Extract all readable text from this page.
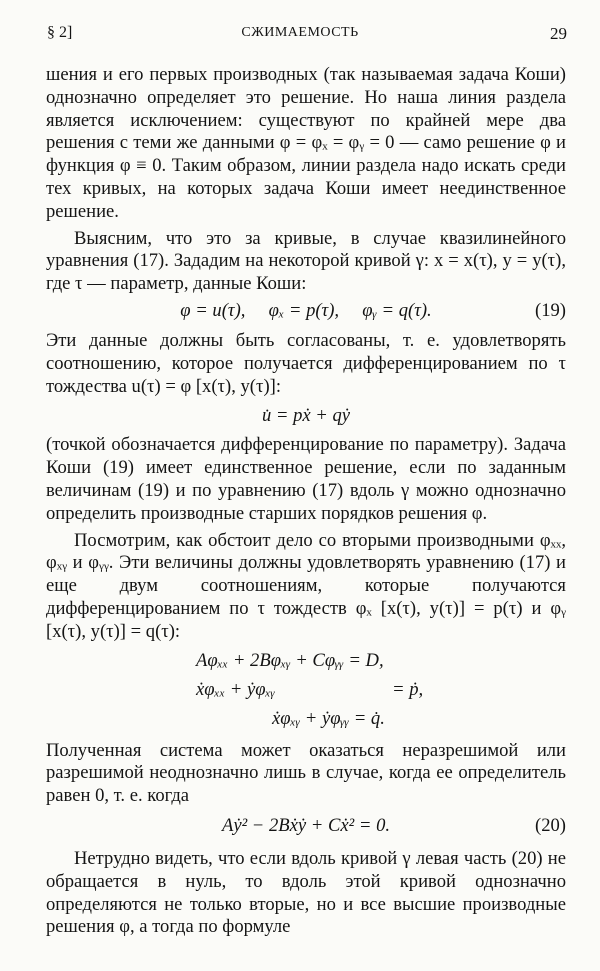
§ 2]	СЖИМАЕМОСТЬ	29

шения и его первых производных (так называемая задача Коши) однозначно определяет это решение. Но наша линия раздела является исключением: существуют по крайней мере два решения с теми же данными φ = φₓ = φᵧ = 0 — само решение φ и функция φ ≡ 0. Таким образом, линии раздела надо искать среди тех кривых, на которых задача Коши имеет неединственное решение.

Выясним, что это за кривые, в случае квазилинейного уравнения (17). Зададим на некоторой кривой γ: x = x(τ), y = y(τ), где τ — параметр, данные Коши:

φ = u(τ),     φₓ = p(τ),     φᵧ = q(τ).	(19)

Эти данные должны быть согласованы, т. е. удовлетворять соотношению, которое получается дифференцированием по τ тождества u(τ) = φ [x(τ), y(τ)]:

u̇ = pẋ + qẏ

(точкой обозначается дифференцирование по параметру). Задача Коши (19) имеет единственное решение, если по заданным величинам (19) и по уравнению (17) вдоль γ можно однозначно определить производные старших порядков решения φ.

Посмотрим, как обстоит дело со вторыми производными φₓₓ, φₓᵧ и φᵧᵧ. Эти величины должны удовлетворять уравнению (17) и еще двум соотношениям, которые получаются дифференцированием по τ тождеств φₓ [x(τ), y(τ)] = p(τ) и φᵧ [x(τ), y(τ)] = q(τ):

Aφₓₓ + 2Bφₓᵧ + Cφᵧᵧ = D,
ẋφₓₓ + ẏφₓᵧ	= ṗ,
ẋφₓᵧ + ẏφᵧᵧ = q̇.

Полученная система может оказаться неразрешимой или разрешимой неоднозначно лишь в случае, когда ее определитель равен 0, т. е. когда

Aẏ² − 2Bẋẏ + Cẋ² = 0.	(20)

Нетрудно видеть, что если вдоль кривой γ левая часть (20) не обращается в нуль, то вдоль этой кривой однозначно определяются не только вторые, но и все высшие производные решения φ, а тогда по формуле
